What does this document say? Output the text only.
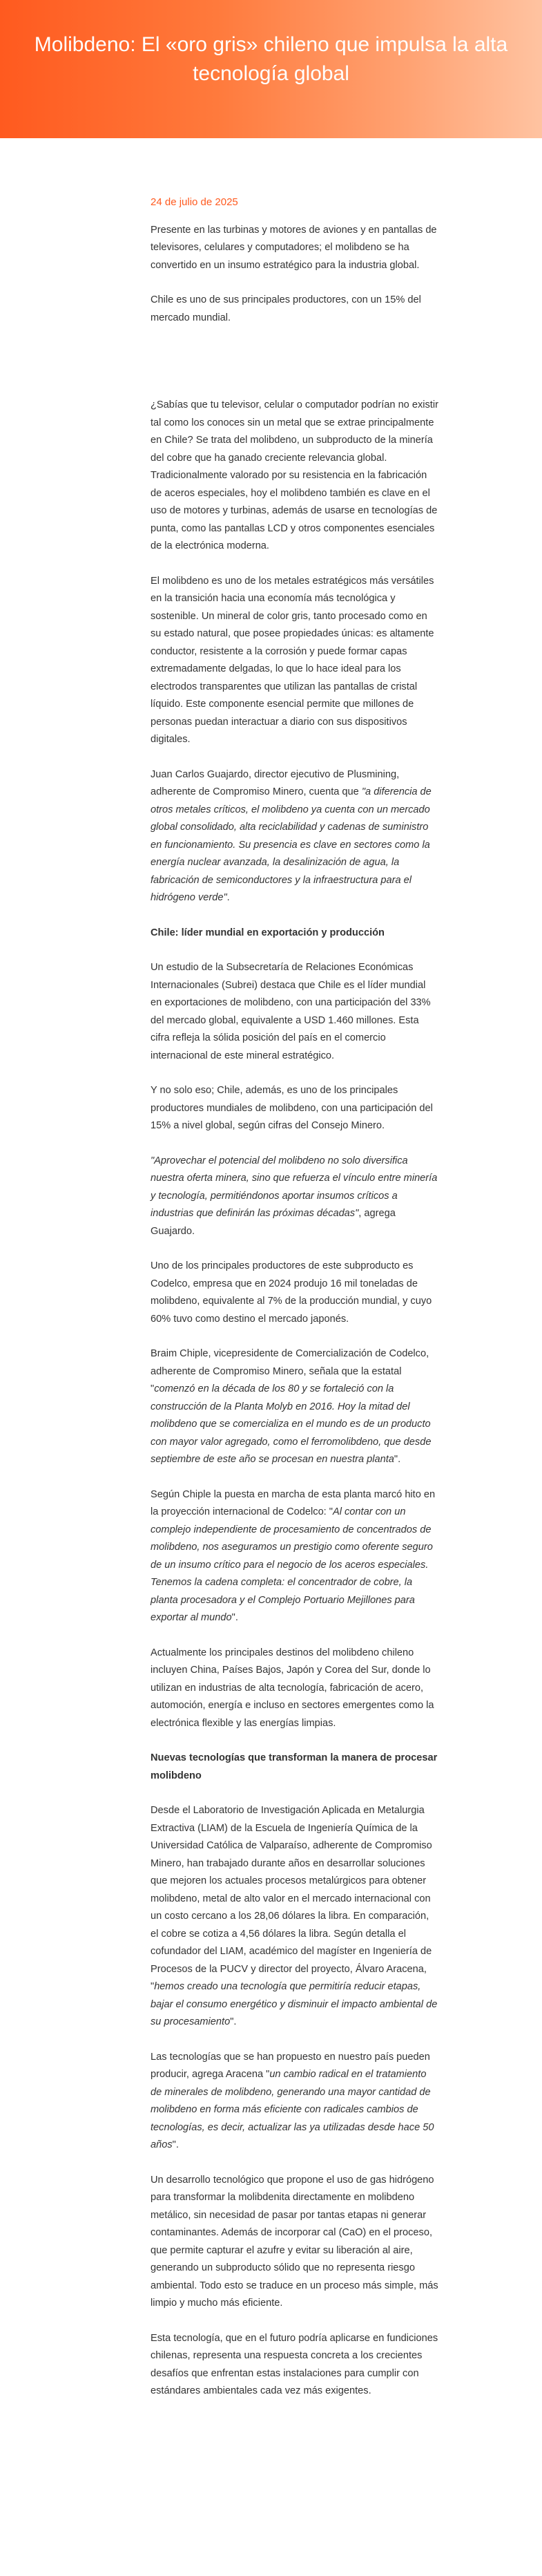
Molibdeno: El «oro gris» chileno que impulsa la alta
tecnología global
24 de julio de 2025

Presente en las turbinas y motores de aviones y en pantallas de televisores, celulares y computadores; el molibdeno se ha convertido en un insumo estratégico para la industria global.

Chile es uno de sus principales productores, con un 15% del mercado mundial.

¿Sabías que tu televisor, celular o computador podrían no existir tal como los conoces sin un metal que se extrae principalmente en Chile? Se trata del molibdeno, un subproducto de la minería del cobre que ha ganado creciente relevancia global. Tradicionalmente valorado por su resistencia en la fabricación de aceros especiales, hoy el molibdeno también es clave en el uso de motores y turbinas, además de usarse en tecnologías de punta, como las pantallas LCD y otros componentes esenciales de la electrónica moderna.

El molibdeno es uno de los metales estratégicos más versátiles en la transición hacia una economía más tecnológica y sostenible. Un mineral de color gris, tanto procesado como en su estado natural, que posee propiedades únicas: es altamente conductor, resistente a la corrosión y puede formar capas extremadamente delgadas, lo que lo hace ideal para los electrodos transparentes que utilizan las pantallas de cristal líquido. Este componente esencial permite que millones de personas puedan interactuar a diario con sus dispositivos digitales.

Juan Carlos Guajardo, director ejecutivo de Plusmining, adherente de Compromiso Minero, cuenta que "a diferencia de otros metales críticos, el molibdeno ya cuenta con un mercado global consolidado, alta reciclabilidad y cadenas de suministro en funcionamiento. Su presencia es clave en sectores como la energía nuclear avanzada, la desalinización de agua, la fabricación de semiconductores y la infraestructura para el hidrógeno verde".

Chile: líder mundial en exportación y producción

Un estudio de la Subsecretaría de Relaciones Económicas Internacionales (Subrei) destaca que Chile es el líder mundial en exportaciones de molibdeno, con una participación del 33% del mercado global, equivalente a USD 1.460 millones. Esta cifra refleja la sólida posición del país en el comercio internacional de este mineral estratégico.

Y no solo eso; Chile, además, es uno de los principales productores mundiales de molibdeno, con una participación del 15% a nivel global, según cifras del Consejo Minero.

"Aprovechar el potencial del molibdeno no solo diversifica nuestra oferta minera, sino que refuerza el vínculo entre minería y tecnología, permitiéndonos aportar insumos críticos a industrias que definirán las próximas décadas", agrega Guajardo.

Uno de los principales productores de este subproducto es Codelco, empresa que en 2024 produjo 16 mil toneladas de molibdeno, equivalente al 7% de la producción mundial, y cuyo 60% tuvo como destino el mercado japonés.

Braim Chiple, vicepresidente de Comercialización de Codelco, adherente de Compromiso Minero, señala que la estatal "comenzó en la década de los 80 y se fortaleció con la construcción de la Planta Molyb en 2016. Hoy la mitad del molibdeno que se comercializa en el mundo es de un producto con mayor valor agregado, como el ferromolibdeno, que desde septiembre de este año se procesan en nuestra planta".

Según Chiple la puesta en marcha de esta planta marcó hito en la proyección internacional de Codelco: "Al contar con un complejo independiente de procesamiento de concentrados de molibdeno, nos aseguramos un prestigio como oferente seguro de un insumo crítico para el negocio de los aceros especiales. Tenemos la cadena completa: el concentrador de cobre, la planta procesadora y el Complejo Portuario Mejillones para exportar al mundo".

Actualmente los principales destinos del molibdeno chileno incluyen China, Países Bajos, Japón y Corea del Sur, donde lo utilizan en industrias de alta tecnología, fabricación de acero, automoción, energía e incluso en sectores emergentes como la electrónica flexible y las energías limpias.

Nuevas tecnologías que transforman la manera de procesar molibdeno

Desde el Laboratorio de Investigación Aplicada en Metalurgia Extractiva (LIAM) de la Escuela de Ingeniería Química de la Universidad Católica de Valparaíso, adherente de Compromiso Minero, han trabajado durante años en desarrollar soluciones que mejoren los actuales procesos metalúrgicos para obtener molibdeno, metal de alto valor en el mercado internacional con un costo cercano a los 28,06 dólares la libra. En comparación, el cobre se cotiza a 4,56 dólares la libra. Según detalla el cofundador del LIAM, académico del magíster en Ingeniería de Procesos de la PUCV y director del proyecto, Álvaro Aracena, "hemos creado una tecnología que permitiría reducir etapas, bajar el consumo energético y disminuir el impacto ambiental de su procesamiento".

Las tecnologías que se han propuesto en nuestro país pueden producir, agrega Aracena "un cambio radical en el tratamiento de minerales de molibdeno, generando una mayor cantidad de molibdeno en forma más eficiente con radicales cambios de tecnologías, es decir, actualizar las ya utilizadas desde hace 50 años".

Un desarrollo tecnológico que propone el uso de gas hidrógeno para transformar la molibdenita directamente en molibdeno metálico, sin necesidad de pasar por tantas etapas ni generar contaminantes. Además de incorporar cal (CaO) en el proceso, que permite capturar el azufre y evitar su liberación al aire, generando un subproducto sólido que no representa riesgo ambiental. Todo esto se traduce en un proceso más simple, más limpio y mucho más eficiente.

Esta tecnología, que en el futuro podría aplicarse en fundiciones chilenas, representa una respuesta concreta a los crecientes desafíos que enfrentan estas instalaciones para cumplir con estándares ambientales cada vez más exigentes.
